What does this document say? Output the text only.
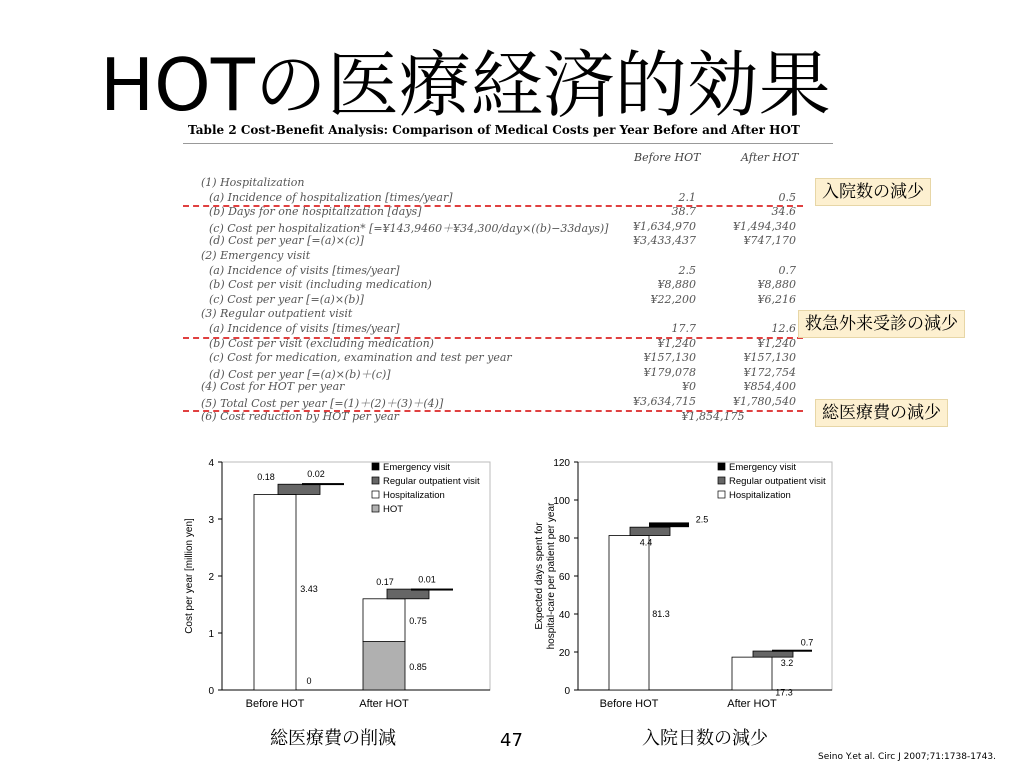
HOTの医療経済的効果
Table 2 Cost-Benefit Analysis: Comparison of Medical Costs per Year Before and After HOT
Before HOT	After HOT
(1) Hospitalization
(a) Incidence of hospitalization [times/year]	2.1	0.5
(b) Days for one hospitalization [days]	38.7	34.6
(c) Cost per hospitalization* [=¥143,9460＋¥34,300/day×((b)−33days)]	¥1,634,970	¥1,494,340
(d) Cost per year [=(a)×(c)]	¥3,433,437	¥747,170
(2) Emergency visit
(a) Incidence of visits [times/year]	2.5	0.7
(b) Cost per visit (including medication)	¥8,880	¥8,880
(c) Cost per year [=(a)×(b)]	¥22,200	¥6,216
(3) Regular outpatient visit
(a) Incidence of visits [times/year]	17.7	12.6
(b) Cost per visit (excluding medication)	¥1,240	¥1,240
(c) Cost for medication, examination and test per year	¥157,130	¥157,130
(d) Cost per year [=(a)×(b)＋(c)]	¥179,078	¥172,754
(4) Cost for HOT per year	¥0	¥854,400
(5) Total Cost per year [=(1)＋(2)＋(3)＋(4)]	¥3,634,715	¥1,780,540
(6) Cost reduction by HOT per year	¥1,854,175
入院数の減少
救急外来受診の減少
総医療費の減少
0
1
2
3
4
Cost per year [million yen]
0
3.43
0.18	0.02
Before HOT
0.85
0.75
0.17	0.01
After HOT
Emergency visit
Regular outpatient visit
Hospitalization
HOT
0
20
40
60
80
100
120
Expected days spent for hospital-care per patient per year	81.3
4.4
2.5
Before HOT
17.3
3.2
0.7
After HOT
Emergency visit
Regular outpatient visit
Hospitalization
総医療費の削減	入院日数の減少
47
Seino Y.et al. Circ J 2007;71:1738-1743.
